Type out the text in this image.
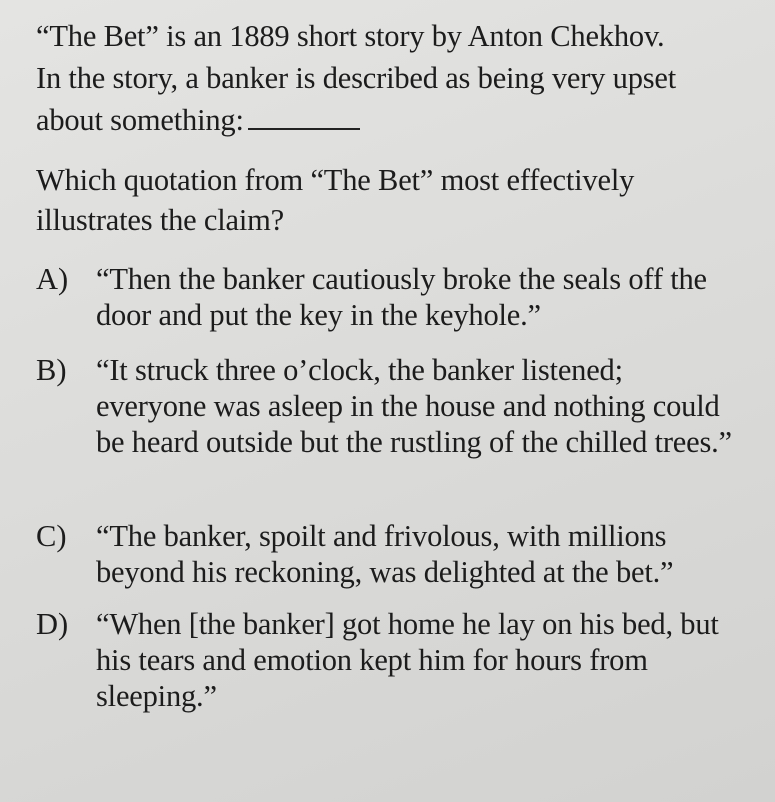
“The Bet” is an 1889 short story by Anton Chekhov.

In the story, a banker is described as being very upset

about something:

Which quotation from “The Bet” most effectively

illustrates the claim?

A) “Then the banker cautiously broke the seals off the door and put the key in the keyhole.”

B) “It struck three o’clock, the banker listened; everyone was asleep in the house and nothing could be heard outside but the rustling of the chilled trees.”

C) “The banker, spoilt and frivolous, with millions beyond his reckoning, was delighted at the bet.”

D) “When [the banker] got home he lay on his bed, but his tears and emotion kept him for hours from sleeping.”
